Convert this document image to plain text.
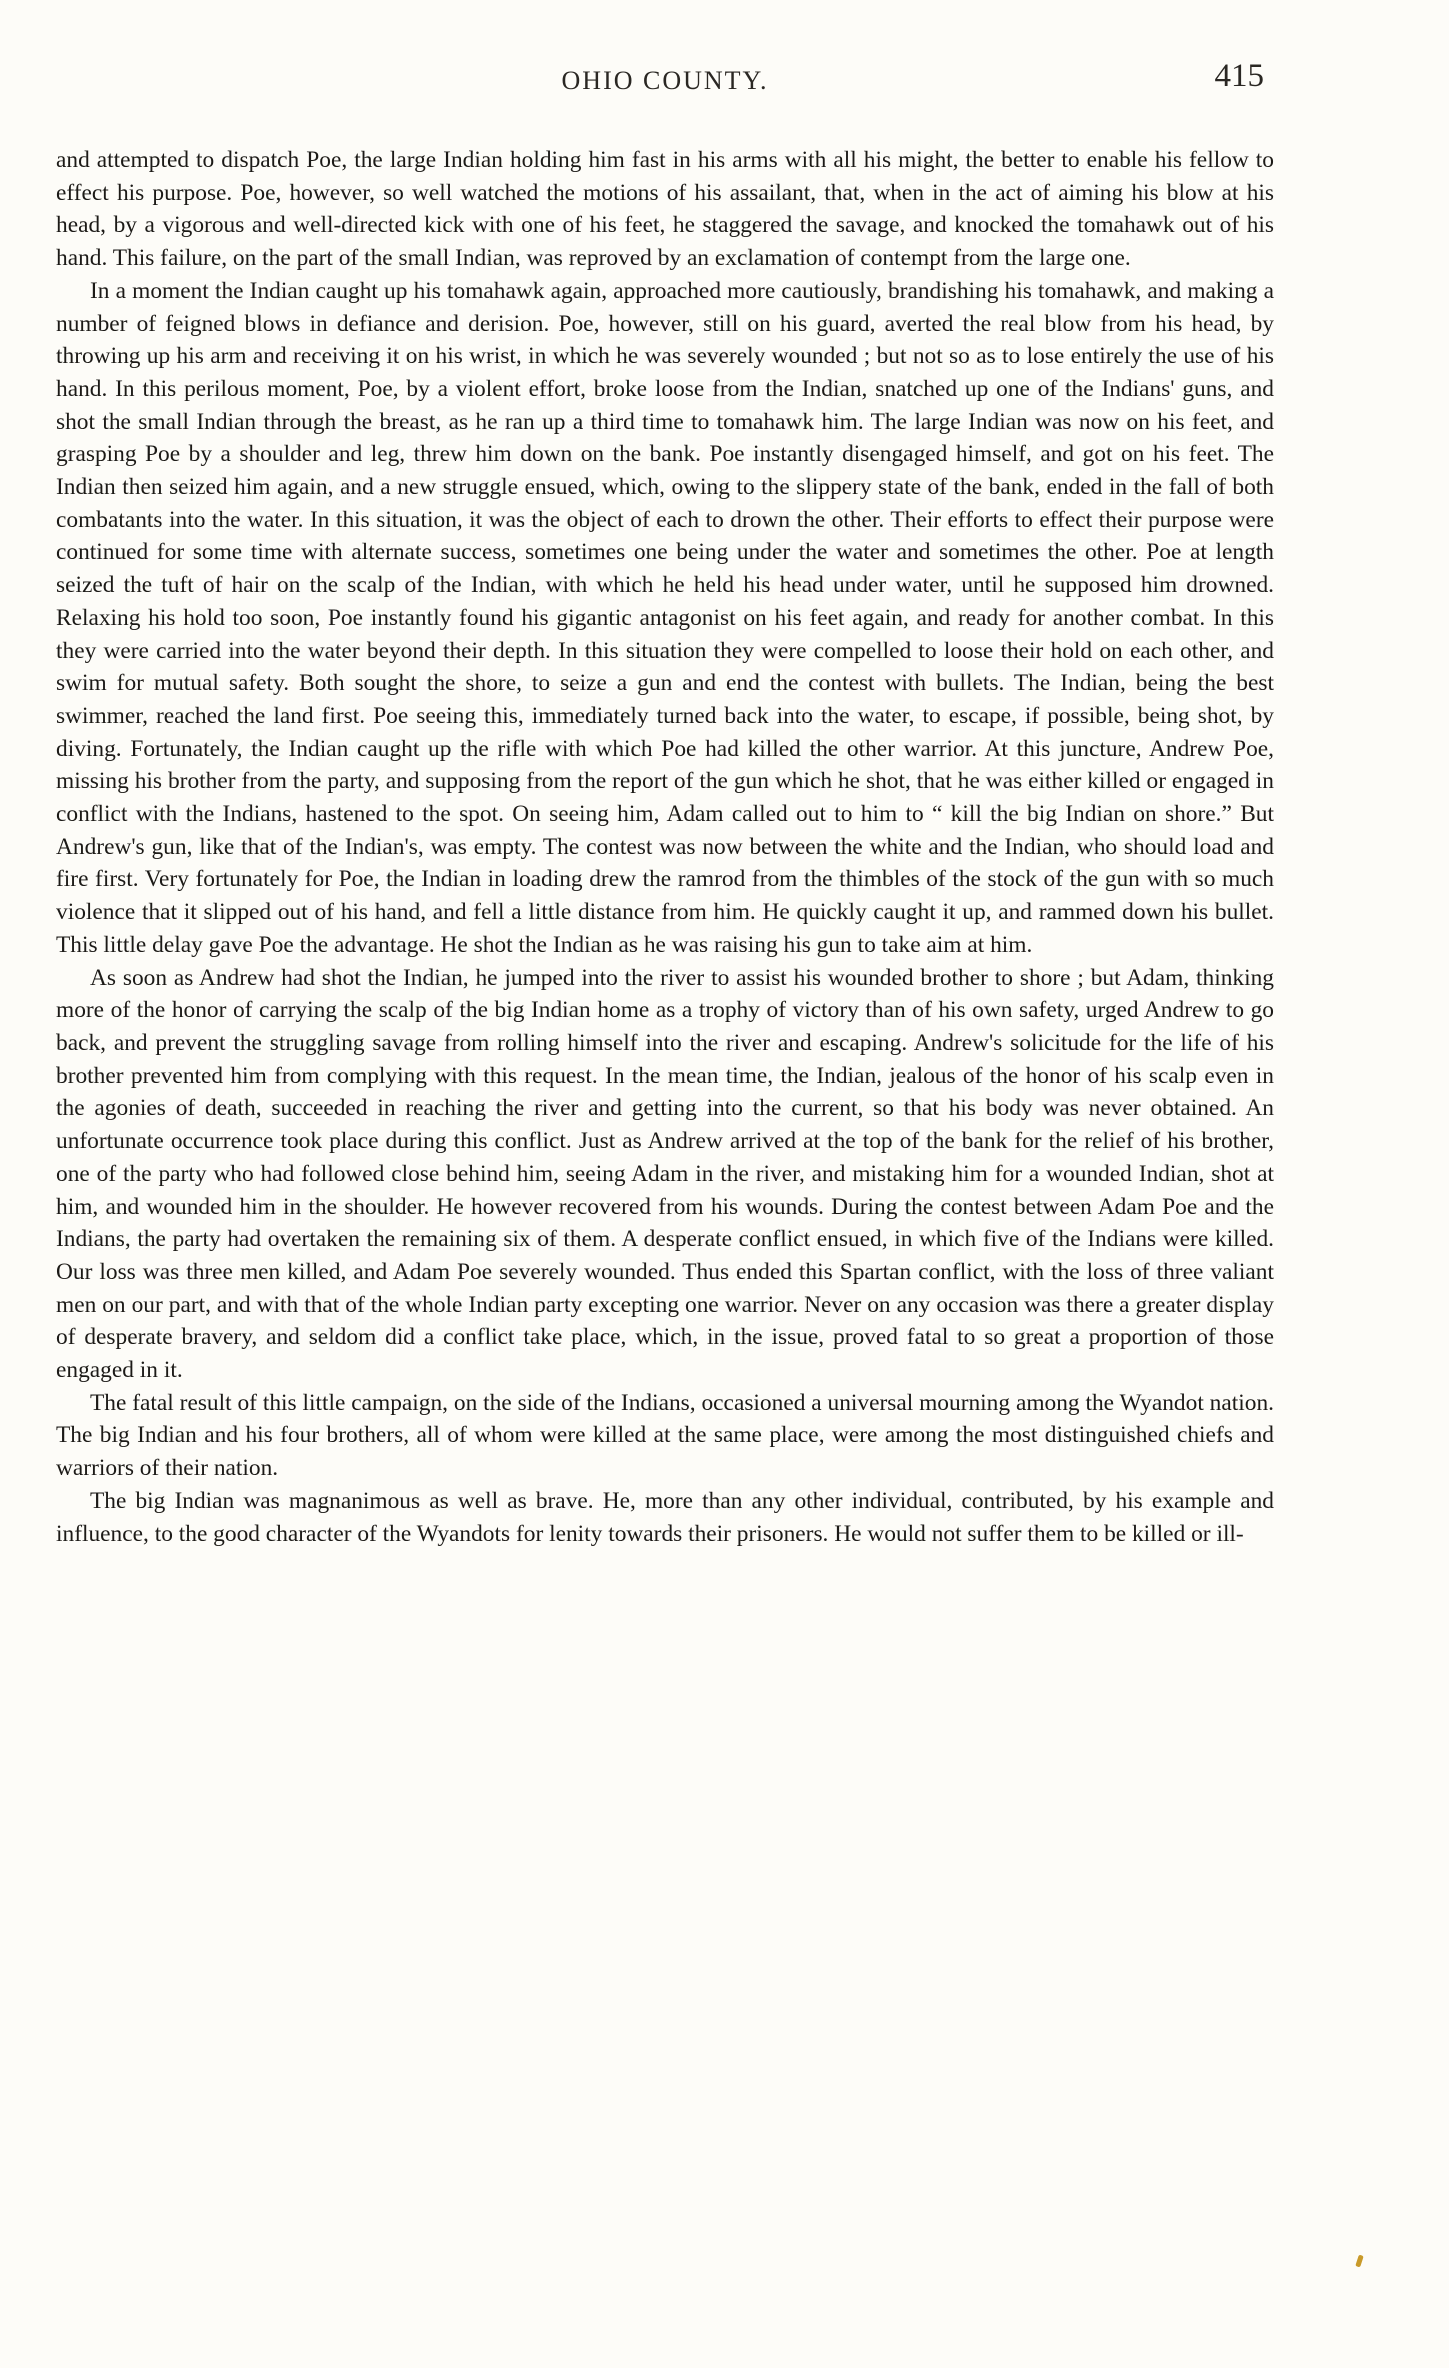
OHIO COUNTY.	415

and attempted to dispatch Poe, the large Indian holding him fast in his arms with all his might, the better to enable his fellow to effect his purpose. Poe, however, so well watched the motions of his assailant, that, when in the act of aiming his blow at his head, by a vigorous and well-directed kick with one of his feet, he staggered the savage, and knocked the tomahawk out of his hand. This failure, on the part of the small Indian, was reproved by an exclamation of contempt from the large one.

In a moment the Indian caught up his tomahawk again, approached more cautiously, brandishing his tomahawk, and making a number of feigned blows in defiance and derision. Poe, however, still on his guard, averted the real blow from his head, by throwing up his arm and receiving it on his wrist, in which he was severely wounded ; but not so as to lose entirely the use of his hand. In this perilous moment, Poe, by a violent effort, broke loose from the Indian, snatched up one of the Indians' guns, and shot the small Indian through the breast, as he ran up a third time to tomahawk him. The large Indian was now on his feet, and grasping Poe by a shoulder and leg, threw him down on the bank. Poe instantly disengaged himself, and got on his feet. The Indian then seized him again, and a new struggle ensued, which, owing to the slippery state of the bank, ended in the fall of both combatants into the water. In this situation, it was the object of each to drown the other. Their efforts to effect their purpose were continued for some time with alternate success, sometimes one being under the water and sometimes the other. Poe at length seized the tuft of hair on the scalp of the Indian, with which he held his head under water, until he supposed him drowned. Relaxing his hold too soon, Poe instantly found his gigantic antagonist on his feet again, and ready for another combat. In this they were carried into the water beyond their depth. In this situation they were compelled to loose their hold on each other, and swim for mutual safety. Both sought the shore, to seize a gun and end the contest with bullets. The Indian, being the best swimmer, reached the land first. Poe seeing this, immediately turned back into the water, to escape, if possible, being shot, by diving. Fortunately, the Indian caught up the rifle with which Poe had killed the other warrior. At this juncture, Andrew Poe, missing his brother from the party, and supposing from the report of the gun which he shot, that he was either killed or engaged in conflict with the Indians, hastened to the spot. On seeing him, Adam called out to him to “ kill the big Indian on shore.” But Andrew's gun, like that of the Indian's, was empty. The contest was now between the white and the Indian, who should load and fire first. Very fortunately for Poe, the Indian in loading drew the ramrod from the thimbles of the stock of the gun with so much violence that it slipped out of his hand, and fell a little distance from him. He quickly caught it up, and rammed down his bullet. This little delay gave Poe the advantage. He shot the Indian as he was raising his gun to take aim at him.

As soon as Andrew had shot the Indian, he jumped into the river to assist his wounded brother to shore ; but Adam, thinking more of the honor of carrying the scalp of the big Indian home as a trophy of victory than of his own safety, urged Andrew to go back, and prevent the struggling savage from rolling himself into the river and escaping. Andrew's solicitude for the life of his brother prevented him from complying with this request. In the mean time, the Indian, jealous of the honor of his scalp even in the agonies of death, succeeded in reaching the river and getting into the current, so that his body was never obtained. An unfortunate occurrence took place during this conflict. Just as Andrew arrived at the top of the bank for the relief of his brother, one of the party who had followed close behind him, seeing Adam in the river, and mistaking him for a wounded Indian, shot at him, and wounded him in the shoulder. He however recovered from his wounds. During the contest between Adam Poe and the Indians, the party had overtaken the remaining six of them. A desperate conflict ensued, in which five of the Indians were killed. Our loss was three men killed, and Adam Poe severely wounded. Thus ended this Spartan conflict, with the loss of three valiant men on our part, and with that of the whole Indian party excepting one warrior. Never on any occasion was there a greater display of desperate bravery, and seldom did a conflict take place, which, in the issue, proved fatal to so great a proportion of those engaged in it.

The fatal result of this little campaign, on the side of the Indians, occasioned a universal mourning among the Wyandot nation. The big Indian and his four brothers, all of whom were killed at the same place, were among the most distinguished chiefs and warriors of their nation.

The big Indian was magnanimous as well as brave. He, more than any other individual, contributed, by his example and influence, to the good character of the Wyandots for lenity towards their prisoners. He would not suffer them to be killed or ill-
